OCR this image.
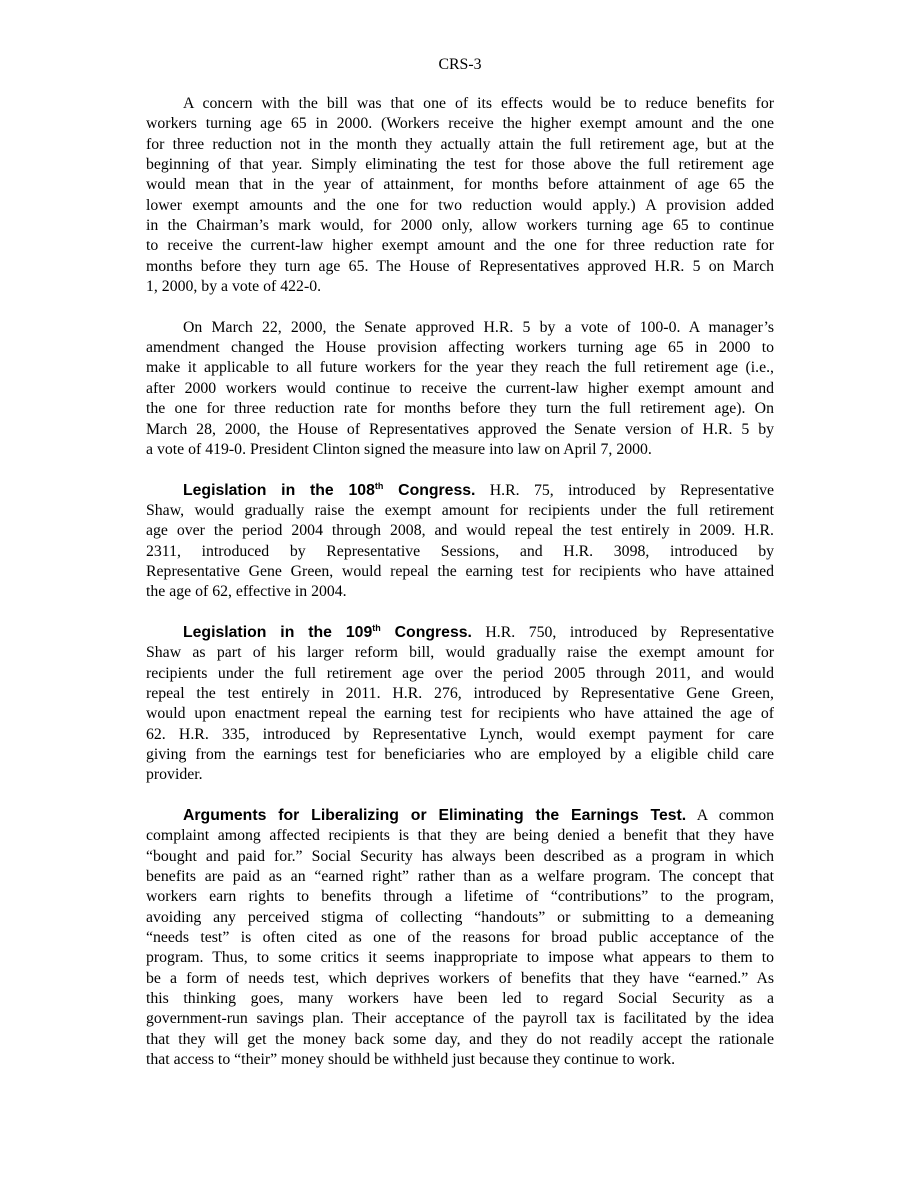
CRS-3
A concern with the bill was that one of its effects would be to reduce benefits for
workers turning age 65 in 2000. (Workers receive the higher exempt amount and the one
for three reduction not in the month they actually attain the full retirement age, but at the
beginning of that year. Simply eliminating the test for those above the full retirement age
would mean that in the year of attainment, for months before attainment of age 65 the
lower exempt amounts and the one for two reduction would apply.) A provision added
in the Chairman’s mark would, for 2000 only, allow workers turning age 65 to continue
to receive the current-law higher exempt amount and the one for three reduction rate for
months before they turn age 65. The House of Representatives approved H.R. 5 on March
1, 2000, by a vote of 422-0.
On March 22, 2000, the Senate approved H.R. 5 by a vote of 100-0. A manager’s
amendment changed the House provision affecting workers turning age 65 in 2000 to
make it applicable to all future workers for the year they reach the full retirement age (i.e.,
after 2000 workers would continue to receive the current-law higher exempt amount and
the one for three reduction rate for months before they turn the full retirement age). On
March 28, 2000, the House of Representatives approved the Senate version of H.R. 5 by
a vote of 419-0. President Clinton signed the measure into law on April 7, 2000.
Legislation in the 108th Congress. H.R. 75, introduced by Representative
Shaw, would gradually raise the exempt amount for recipients under the full retirement
age over the period 2004 through 2008, and would repeal the test entirely in 2009. H.R.
2311, introduced by Representative Sessions, and H.R. 3098, introduced by
Representative Gene Green, would repeal the earning test for recipients who have attained
the age of 62, effective in 2004.
Legislation in the 109th Congress. H.R. 750, introduced by Representative
Shaw as part of his larger reform bill, would gradually raise the exempt amount for
recipients under the full retirement age over the period 2005 through 2011, and would
repeal the test entirely in 2011. H.R. 276, introduced by Representative Gene Green,
would upon enactment repeal the earning test for recipients who have attained the age of
62. H.R. 335, introduced by Representative Lynch, would exempt payment for care
giving from the earnings test for beneficiaries who are employed by a eligible child care
provider.
Arguments for Liberalizing or Eliminating the Earnings Test. A common
complaint among affected recipients is that they are being denied a benefit that they have
“bought and paid for.” Social Security has always been described as a program in which
benefits are paid as an “earned right” rather than as a welfare program. The concept that
workers earn rights to benefits through a lifetime of “contributions” to the program,
avoiding any perceived stigma of collecting “handouts” or submitting to a demeaning
“needs test” is often cited as one of the reasons for broad public acceptance of the
program. Thus, to some critics it seems inappropriate to impose what appears to them to
be a form of needs test, which deprives workers of benefits that they have “earned.” As
this thinking goes, many workers have been led to regard Social Security as a
government-run savings plan. Their acceptance of the payroll tax is facilitated by the idea
that they will get the money back some day, and they do not readily accept the rationale
that access to “their” money should be withheld just because they continue to work.
